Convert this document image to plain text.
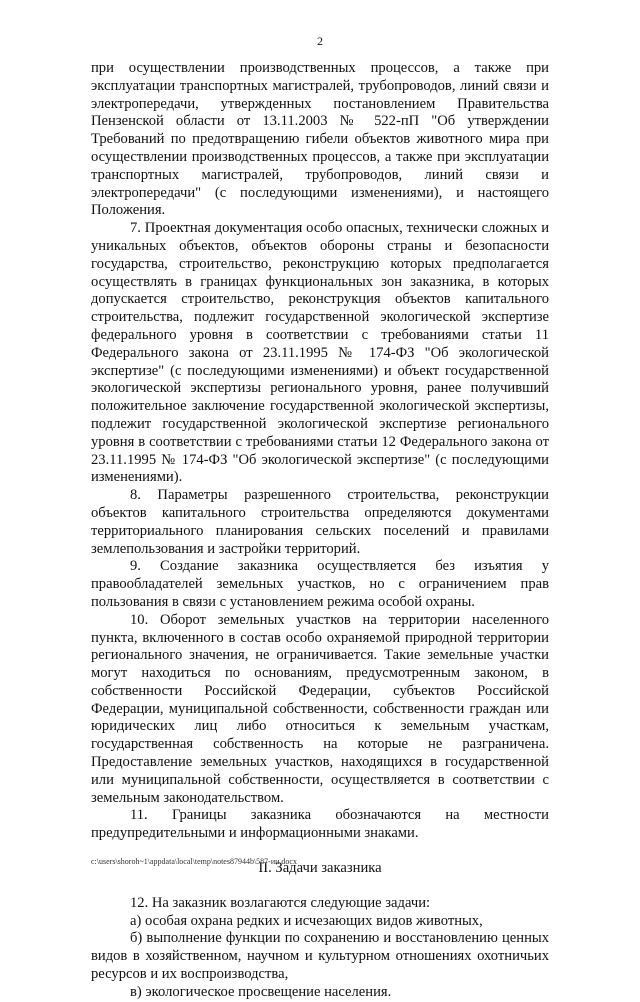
2

при осуществлении производственных процессов, а также при эксплуатации транспортных магистралей, трубопроводов, линий связи и электропередачи, утвержденных постановлением Правительства Пензенской области от 13.11.2003 № 522-пП "Об утверждении Требований по предотвращению гибели объектов животного мира при осуществлении производственных процессов, а также при эксплуатации транспортных магистралей, трубопроводов, линий связи и электропередачи" (с последующими изменениями), и настоящего Положения.

7. Проектная документация особо опасных, технически сложных и уникальных объектов, объектов обороны страны и безопасности государства, строительство, реконструкцию которых предполагается осуществлять в границах функциональных зон заказника, в которых допускается строительство, реконструкция объектов капитального строительства, подлежит государственной экологической экспертизе федерального уровня в соответствии с требованиями статьи 11 Федерального закона от 23.11.1995 № 174-ФЗ "Об экологической экспертизе" (с последующими изменениями) и объект государственной экологической экспертизы регионального уровня, ранее получивший положительное заключение государственной экологической экспертизы, подлежит государственной экологической экспертизе регионального уровня в соответствии с требованиями статьи 12 Федерального закона от 23.11.1995 № 174-ФЗ "Об экологической экспертизе" (с последующими изменениями).

8. Параметры разрешенного строительства, реконструкции объектов капитального строительства определяются документами территориального планирования сельских поселений и правилами землепользования и застройки территорий.

9. Создание заказника осуществляется без изъятия у правообладателей земельных участков, но с ограничением прав пользования в связи с установлением режима особой охраны.

10. Оборот земельных участков на территории населенного пункта, включенного в состав особо охраняемой природной территории регионального значения, не ограничивается. Такие земельные участки могут находиться по основаниям, предусмотренным законом, в собственности Российской Федерации, субъектов Российской Федерации, муниципальной собственности, собственности граждан или юридических лиц либо относиться к земельным участкам, государственная собственность на которые не разграничена. Предоставление земельных участков, находящихся в государственной или муниципальной собственности, осуществляется в соответствии с земельным законодательством.

11. Границы заказника обозначаются на местности предупредительными и информационными знаками.

II. Задачи заказника

12. На заказник возлагаются следующие задачи:

а) особая охрана редких и исчезающих видов животных,

б) выполнение функции по сохранению и восстановлению ценных видов в хозяйственном, научном и культурном отношениях охотничьих ресурсов и их воспроизводства,

в) экологическое просвещение населения.

c:\users\shoroh~1\appdata\local\temp\notes87944b\587-ии.docx
